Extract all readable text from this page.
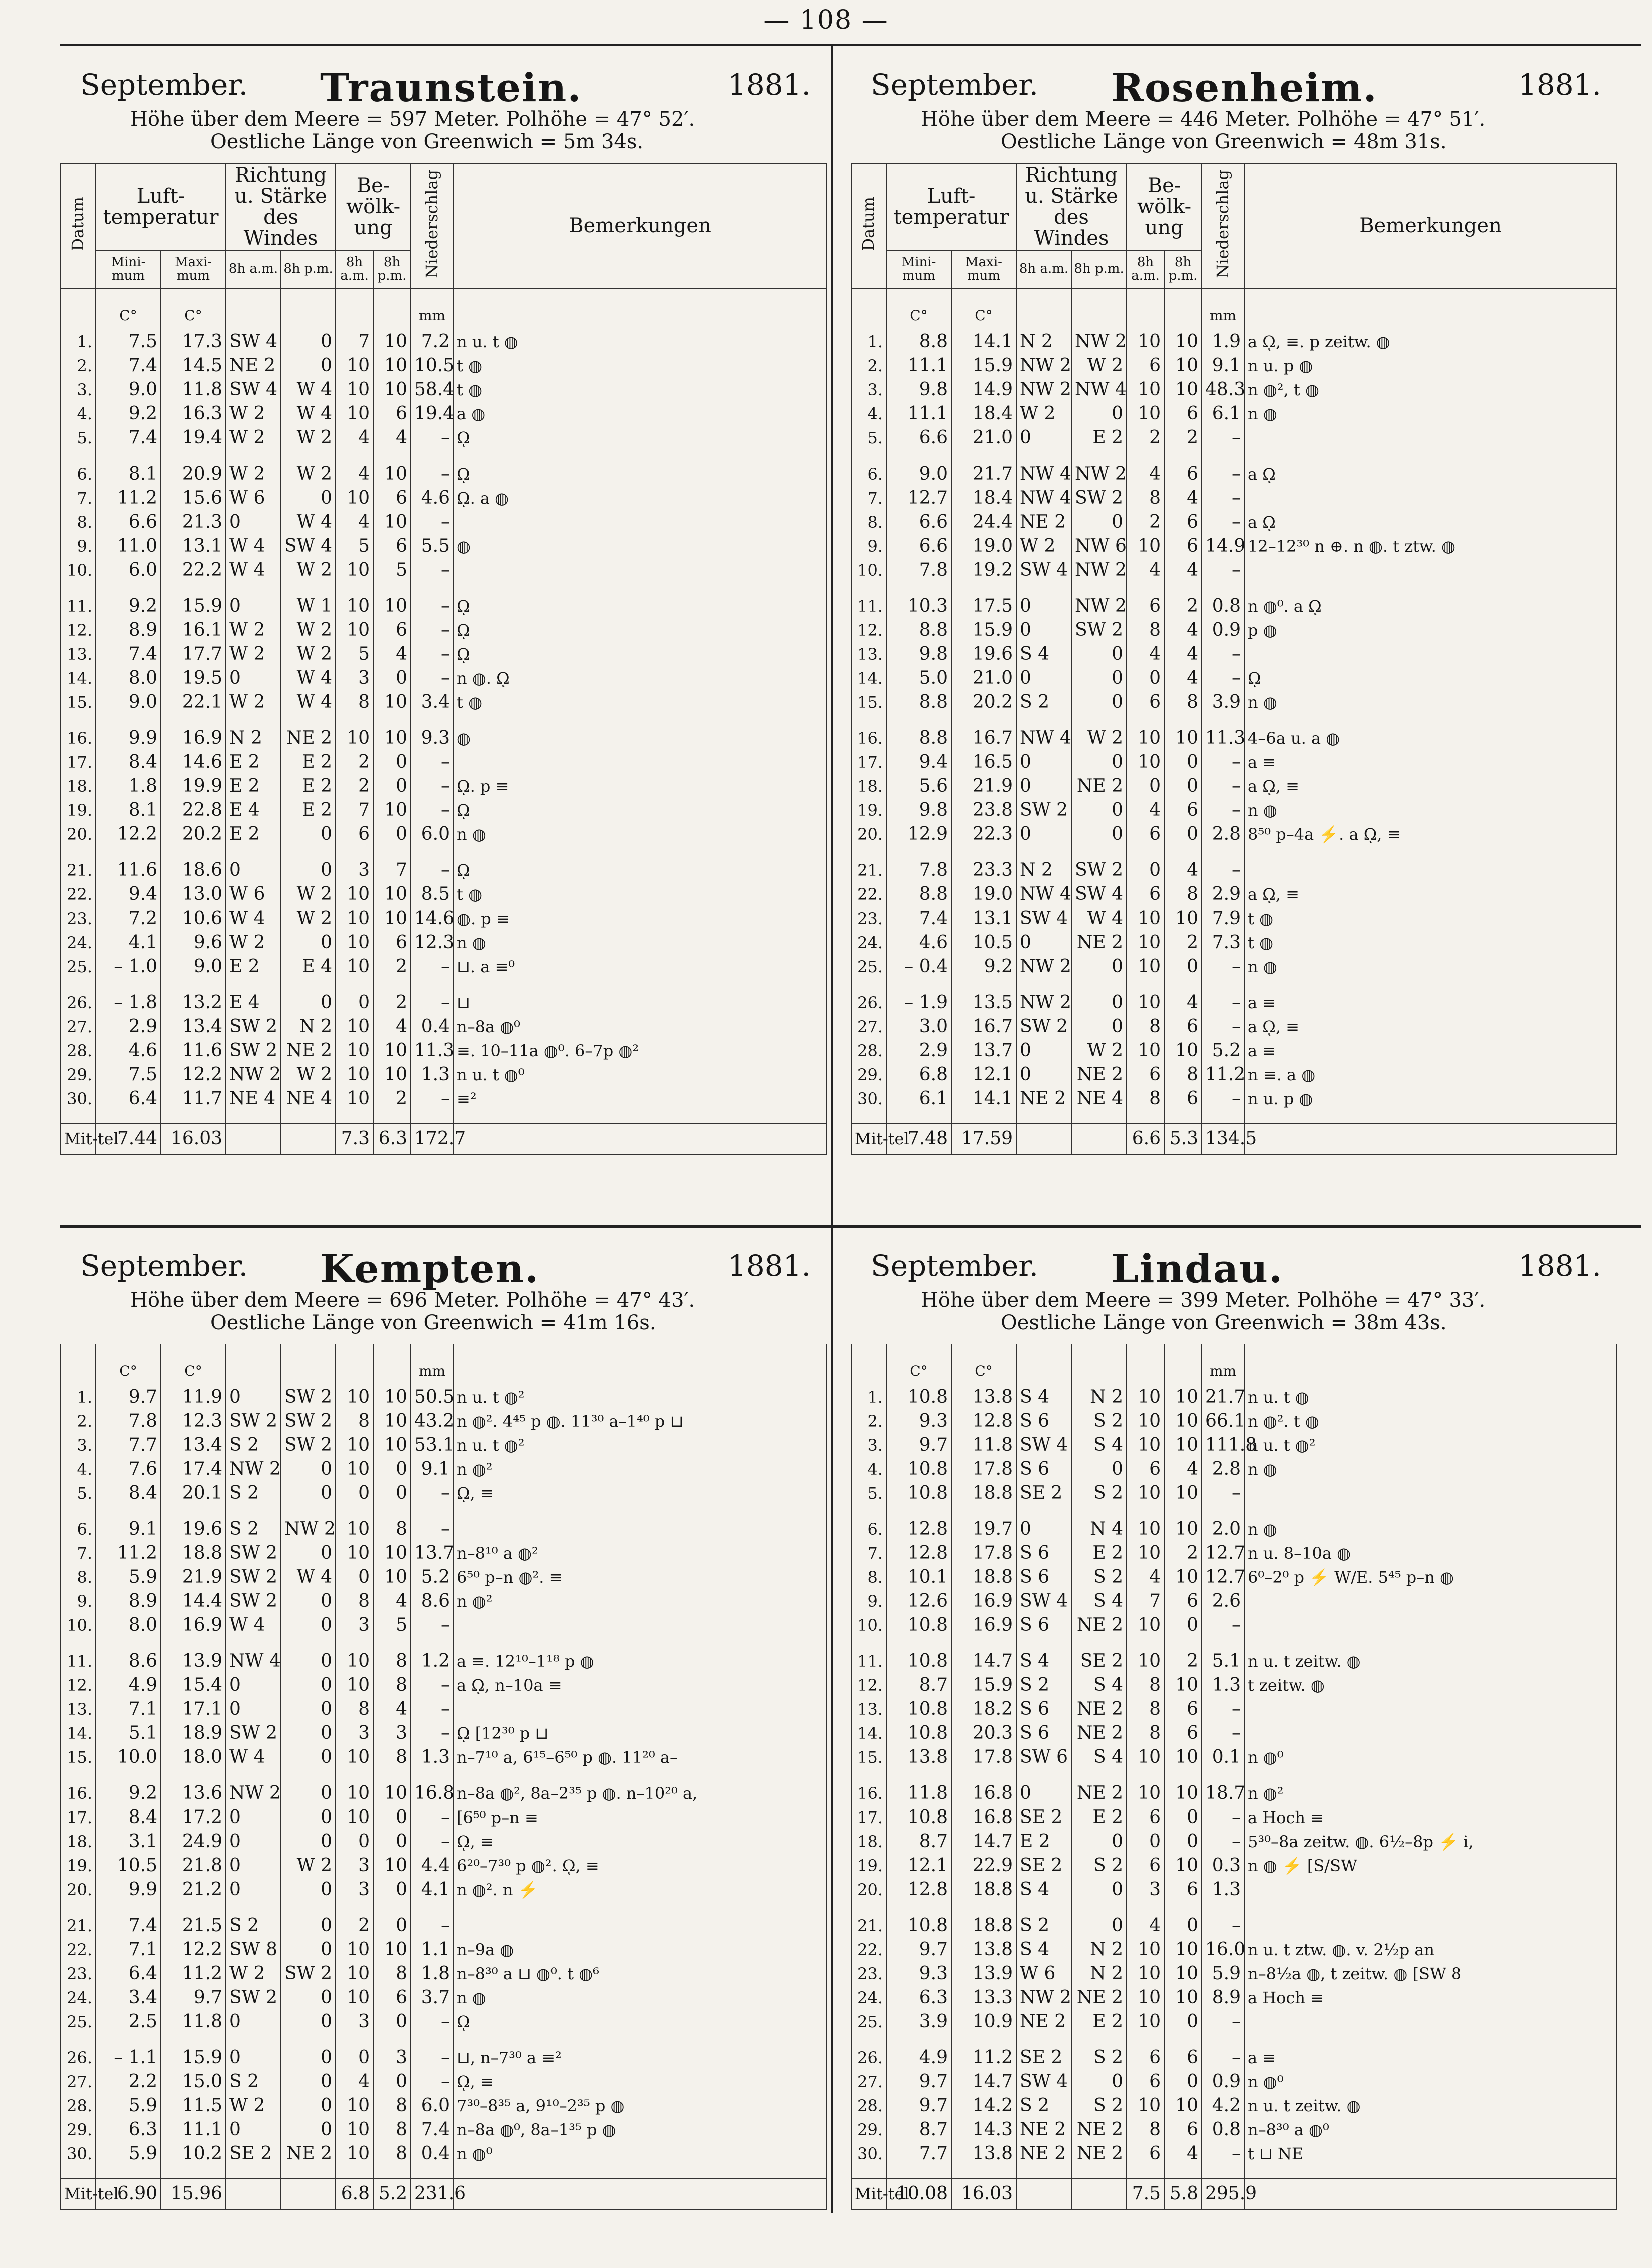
— 108 —
September. Traunstein.	1881.
Höhe über dem Meere = 597 Meter. Polhöhe = 47° 52′.
Oestliche Länge von Greenwich = 5m 34s.
Datum	Luft-temperatur		Richtung u. Stärke des Windes		Be-wölk-ung		Niederschlag	Bemerkungen
	Mini-mum	Maxi-mum	8h a.m.	8h p.m.	8h a.m.	8h p.m.		

	C°	C°					mm	
1.	7.5	17.3	SW 4	0	7	10	7.2	n u. t ◍
2.	7.4	14.5	NE 2	0	10	10	10.5	t ◍
3.	9.0	11.8	SW 4	W 4	10	10	58.4	t ◍
4.	9.2	16.3	W 2	W 4	10	6	19.4	a ◍
5.	7.4	19.4	W 2	W 2	4	4	–	ῼ

6.	8.1	20.9	W 2	W 2	4	10	–	ῼ
7.	11.2	15.6	W 6	0	10	6	4.6	ῼ. a ◍
8.	6.6	21.3	0	W 4	4	10	–	
9.	11.0	13.1	W 4	SW 4	5	6	5.5	◍
10.	6.0	22.2	W 4	W 2	10	5	–	

11.	9.2	15.9	0	W 1	10	10	–	ῼ
12.	8.9	16.1	W 2	W 2	10	6	–	ῼ
13.	7.4	17.7	W 2	W 2	5	4	–	ῼ
14.	8.0	19.5	0	W 4	3	0	–	n ◍. ῼ
15.	9.0	22.1	W 2	W 4	8	10	3.4	t ◍

16.	9.9	16.9	N 2	NE 2	10	10	9.3	◍
17.	8.4	14.6	E 2	E 2	2	0	–	
18.	1.8	19.9	E 2	E 2	2	0	–	ῼ. p ≡
19.	8.1	22.8	E 4	E 2	7	10	–	ῼ
20.	12.2	20.2	E 2	0	6	0	6.0	n ◍

21.	11.6	18.6	0	0	3	7	–	ῼ
22.	9.4	13.0	W 6	W 2	10	10	8.5	t ◍
23.	7.2	10.6	W 4	W 2	10	10	14.6	◍. p ≡
24.	4.1	9.6	W 2	0	10	6	12.3	n ◍
25.	– 1.0	9.0	E 2	E 4	10	2	–	⊔. a ≡⁰

26.	– 1.8	13.2	E 4	0	0	2	–	⊔
27.	2.9	13.4	SW 2	N 2	10	4	0.4	n–8a ◍⁰
28.	4.6	11.6	SW 2	NE 2	10	10	11.3	≡. 10–11a ◍⁰. 6–7p ◍²
29.	7.5	12.2	NW 2	W 2	10	10	1.3	n u. t ◍⁰
30.	6.4	11.7	NE 4	NE 4	10	2	–	≡²

Mit-tel	7.44	16.03			7.3	6.3	172.7	
September. Rosenheim.	1881.
Höhe über dem Meere = 446 Meter. Polhöhe = 47° 51′.
Oestliche Länge von Greenwich = 48m 31s.
Datum	Luft-temperatur		Richtung u. Stärke des Windes		Be-wölk-ung		Niederschlag	Bemerkungen
	Mini-mum	Maxi-mum	8h a.m.	8h p.m.	8h a.m.	8h p.m.		

	C°	C°					mm	
1.	8.8	14.1	N 2	NW 2	10	10	1.9	a ῼ, ≡. p zeitw. ◍
2.	11.1	15.9	NW 2	W 2	6	10	9.1	n u. p ◍
3.	9.8	14.9	NW 2	NW 4	10	10	48.3	n ◍², t ◍
4.	11.1	18.4	W 2	0	10	6	6.1	n ◍
5.	6.6	21.0	0	E 2	2	2	–	

6.	9.0	21.7	NW 4	NW 2	4	6	–	a ῼ
7.	12.7	18.4	NW 4	SW 2	8	4	–	
8.	6.6	24.4	NE 2	0	2	6	–	a ῼ
9.	6.6	19.0	W 2	NW 6	10	6	14.9	12–12³⁰ n ⊕. n ◍. t ztw. ◍
10.	7.8	19.2	SW 4	NW 2	4	4	–	

11.	10.3	17.5	0	NW 2	6	2	0.8	n ◍⁰. a ῼ
12.	8.8	15.9	0	SW 2	8	4	0.9	p ◍
13.	9.8	19.6	S 4	0	4	4	–	
14.	5.0	21.0	0	0	0	4	–	ῼ
15.	8.8	20.2	S 2	0	6	8	3.9	n ◍

16.	8.8	16.7	NW 4	W 2	10	10	11.3	4–6a u. a ◍
17.	9.4	16.5	0	0	10	0	–	a ≡
18.	5.6	21.9	0	NE 2	0	0	–	a ῼ, ≡
19.	9.8	23.8	SW 2	0	4	6	–	n ◍
20.	12.9	22.3	0	0	6	0	2.8	8⁵⁰ p–4a ⚡. a ῼ, ≡

21.	7.8	23.3	N 2	SW 2	0	4	–	
22.	8.8	19.0	NW 4	SW 4	6	8	2.9	a ῼ, ≡
23.	7.4	13.1	SW 4	W 4	10	10	7.9	t ◍
24.	4.6	10.5	0	NE 2	10	2	7.3	t ◍
25.	– 0.4	9.2	NW 2	0	10	0	–	n ◍

26.	– 1.9	13.5	NW 2	0	10	4	–	a ≡
27.	3.0	16.7	SW 2	0	8	6	–	a ῼ, ≡
28.	2.9	13.7	0	W 2	10	10	5.2	a ≡
29.	6.8	12.1	0	NE 2	6	8	11.2	n ≡. a ◍
30.	6.1	14.1	NE 2	NE 4	8	6	–	n u. p ◍

Mit-tel	7.48	17.59			6.6	5.3	134.5	
September. Kempten.	1881.
Höhe über dem Meere = 696 Meter. Polhöhe = 47° 43′.
Oestliche Länge von Greenwich = 41m 16s.

	C°	C°					mm	
1.	9.7	11.9	0	SW 2	10	10	50.5	n u. t ◍²
2.	7.8	12.3	SW 2	SW 2	8	10	43.2	n ◍². 4⁴⁵ p ◍. 11³⁰ a–1⁴⁰ p ⊔
3.	7.7	13.4	S 2	SW 2	10	10	53.1	n u. t ◍²
4.	7.6	17.4	NW 2	0	10	0	9.1	n ◍²
5.	8.4	20.1	S 2	0	0	0	–	ῼ, ≡

6.	9.1	19.6	S 2	NW 2	10	8	–	
7.	11.2	18.8	SW 2	0	10	10	13.7	n–8¹⁰ a ◍²
8.	5.9	21.9	SW 2	W 4	0	10	5.2	6⁵⁰ p–n ◍². ≡
9.	8.9	14.4	SW 2	0	8	4	8.6	n ◍²
10.	8.0	16.9	W 4	0	3	5	–	

11.	8.6	13.9	NW 4	0	10	8	1.2	a ≡. 12¹⁰–1¹⁸ p ◍
12.	4.9	15.4	0	0	10	8	–	a ῼ, n–10a ≡
13.	7.1	17.1	0	0	8	4	–	
14.	5.1	18.9	SW 2	0	3	3	–	ῼ [12³⁰ p ⊔
15.	10.0	18.0	W 4	0	10	8	1.3	n–7¹⁰ a, 6¹⁵–6⁵⁰ p ◍. 11²⁰ a–

16.	9.2	13.6	NW 2	0	10	10	16.8	n–8a ◍², 8a–2³⁵ p ◍. n–10²⁰ a,
17.	8.4	17.2	0	0	10	0	–	[6⁵⁰ p–n ≡
18.	3.1	24.9	0	0	0	0	–	ῼ, ≡
19.	10.5	21.8	0	W 2	3	10	4.4	6²⁰–7³⁰ p ◍². ῼ, ≡
20.	9.9	21.2	0	0	3	0	4.1	n ◍². n ⚡

21.	7.4	21.5	S 2	0	2	0	–	
22.	7.1	12.2	SW 8	0	10	10	1.1	n–9a ◍
23.	6.4	11.2	W 2	SW 2	10	8	1.8	n–8³⁰ a ⊔ ◍⁰. t ◍⁶
24.	3.4	9.7	SW 2	0	10	6	3.7	n ◍
25.	2.5	11.8	0	0	3	0	–	ῼ

26.	– 1.1	15.9	0	0	0	3	–	⊔, n–7³⁰ a ≡²
27.	2.2	15.0	S 2	0	4	0	–	ῼ, ≡
28.	5.9	11.5	W 2	0	10	8	6.0	7³⁰–8³⁵ a, 9¹⁰–2³⁵ p ◍
29.	6.3	11.1	0	0	10	8	7.4	n–8a ◍⁰, 8a–1³⁵ p ◍
30.	5.9	10.2	SE 2	NE 2	10	8	0.4	n ◍⁰

Mit-tel	6.90	15.96			6.8	5.2	231.6	
September. Lindau.	1881.
Höhe über dem Meere = 399 Meter. Polhöhe = 47° 33′.
Oestliche Länge von Greenwich = 38m 43s.

	C°	C°					mm	
1.	10.8	13.8	S 4	N 2	10	10	21.7	n u. t ◍
2.	9.3	12.8	S 6	S 2	10	10	66.1	n ◍². t ◍
3.	9.7	11.8	SW 4	S 4	10	10	111.8	n u. t ◍²
4.	10.8	17.8	S 6	0	6	4	2.8	n ◍
5.	10.8	18.8	SE 2	S 2	10	10	–	

6.	12.8	19.7	0	N 4	10	10	2.0	n ◍
7.	12.8	17.8	S 6	E 2	10	2	12.7	n u. 8–10a ◍
8.	10.1	18.8	S 6	S 2	4	10	12.7	6⁰–2⁰ p ⚡ W/E. 5⁴⁵ p–n ◍
9.	12.6	16.9	SW 4	S 4	7	6	2.6	
10.	10.8	16.9	S 6	NE 2	10	0	–	

11.	10.8	14.7	S 4	SE 2	10	2	5.1	n u. t zeitw. ◍
12.	8.7	15.9	S 2	S 4	8	10	1.3	t zeitw. ◍
13.	10.8	18.2	S 6	NE 2	8	6	–	
14.	10.8	20.3	S 6	NE 2	8	6	–	
15.	13.8	17.8	SW 6	S 4	10	10	0.1	n ◍⁰

16.	11.8	16.8	0	NE 2	10	10	18.7	n ◍²
17.	10.8	16.8	SE 2	E 2	6	0	–	a Hoch ≡
18.	8.7	14.7	E 2	0	0	0	–	5³⁰–8a zeitw. ◍. 6½–8p ⚡ i,
19.	12.1	22.9	SE 2	S 2	6	10	0.3	n ◍ ⚡ [S/SW
20.	12.8	18.8	S 4	0	3	6	1.3	

21.	10.8	18.8	S 2	0	4	0	–	
22.	9.7	13.8	S 4	N 2	10	10	16.0	n u. t ztw. ◍. v. 2½p an
23.	9.3	13.9	W 6	N 2	10	10	5.9	n–8½a ◍, t zeitw. ◍ [SW 8
24.	6.3	13.3	NW 2	NE 2	10	10	8.9	a Hoch ≡
25.	3.9	10.9	NE 2	E 2	10	0	–	

26.	4.9	11.2	SE 2	S 2	6	6	–	a ≡
27.	9.7	14.7	SW 4	0	6	0	0.9	n ◍⁰
28.	9.7	14.2	S 2	S 2	10	10	4.2	n u. t zeitw. ◍
29.	8.7	14.3	NE 2	NE 2	8	6	0.8	n–8³⁰ a ◍⁰
30.	7.7	13.8	NE 2	NE 2	6	4	–	t ⊔ NE

Mit-tel	10.08	16.03			7.5	5.8	295.9	
